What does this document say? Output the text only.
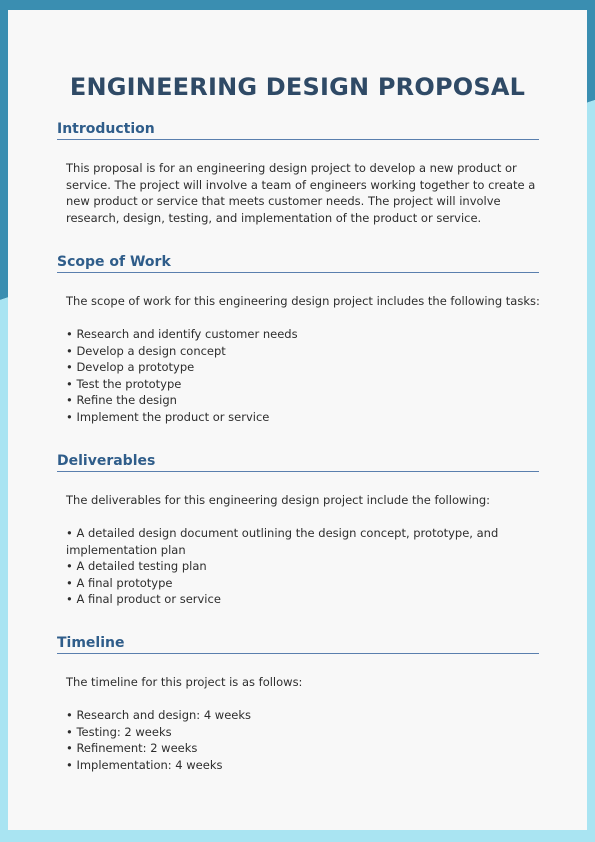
ENGINEERING DESIGN PROPOSAL
Introduction

This proposal is for an engineering design project to develop a new product or service. The project will involve a team of engineers working together to create a new product or service that meets customer needs. The project will involve research, design, testing, and implementation of the product or service.

Scope of Work

The scope of work for this engineering design project includes the following tasks:

• Research and identify customer needs
• Develop a design concept
• Develop a prototype
• Test the prototype
• Refine the design
• Implement the product or service
Deliverables

The deliverables for this engineering design project include the following:

• A detailed design document outlining the design concept, prototype, and implementation plan
• A detailed testing plan
• A final prototype
• A final product or service
Timeline

The timeline for this project is as follows:

• Research and design: 4 weeks
• Testing: 2 weeks
• Refinement: 2 weeks
• Implementation: 4 weeks
